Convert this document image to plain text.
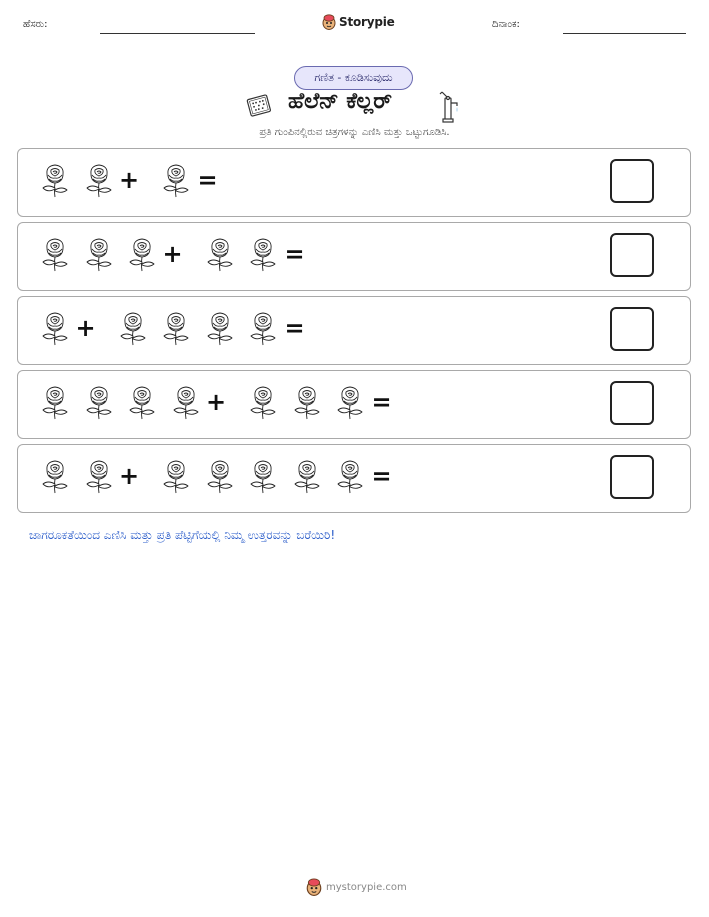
ಹೆಸರು:	Storypie	ದಿನಾಂಕ:
ಗಣಿತ - ಕೂಡಿಸುವುದು
ಹೆಲೆನ್ ಕೆಲ್ಲರ್
ಪ್ರತಿ ಗುಂಪಿನಲ್ಲಿರುವ ಚಿತ್ರಗಳನ್ನು ಎಣಿಸಿ ಮತ್ತು ಒಟ್ಟುಗೂಡಿಸಿ.
+ =
+	=
+	=
+	=
+	=
ಜಾಗರೂಕತೆಯಿಂದ ಎಣಿಸಿ ಮತ್ತು ಪ್ರತಿ ಪೆಟ್ಟಿಗೆಯಲ್ಲಿ ನಿಮ್ಮ ಉತ್ತರವನ್ನು ಬರೆಯಿರಿ!
mystorypie.com
